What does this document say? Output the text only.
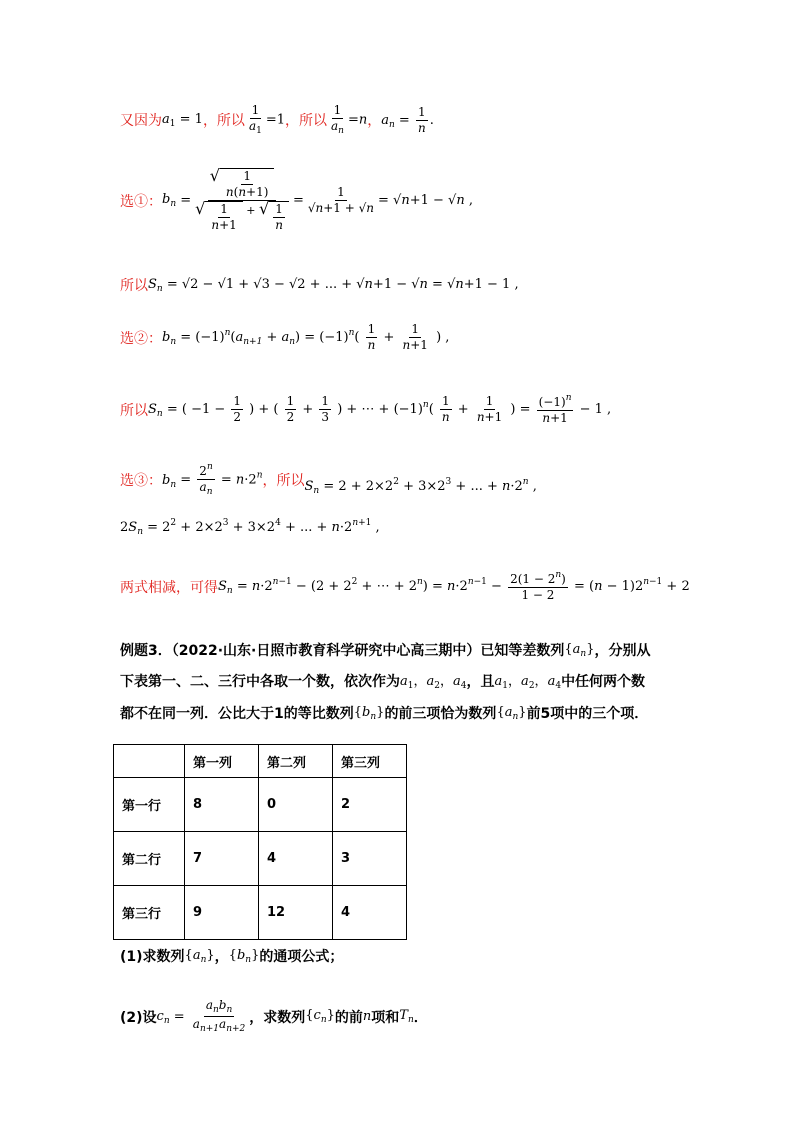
又因为 $a_1 = 1$ ，所以 $\frac{1}{a_1} =1$ ，所以 $\frac{1}{a_n} =n$ ， $a_n = \frac{1}{n}$ .
选①： $b_n = \frac{√ \frac{1}{n(n+1)}}{√ \frac{1}{n+1} + √ \frac{1}{n}} = \frac{1}{√n+1 + √n}$ = √ n +1 − √ n ,
所以 $S_n = √2 - √1 + √3 - √2$ + ... + √n+1 − √n = √n+1 − 1 ,
选②： $b_n = (-1)^n(a_{n+1} + a_n) = (-1)^n( \frac{1}{n} + \frac{1}{n+1}$ ) ,
所以 $S_n$ = ( $-1 - \frac{1}{2}$ ) + ( $\frac{1}{2} + \frac{1}{3}$ ) + ⋯ + $(-1)^n( \frac{1}{n} + \frac{1}{n+1}$ ) = $\frac{(-1)^n}{n+1} - 1$ ,
选③： $b_n = \frac{2^n}{a_n} = n\cdot 2^n$ ，所以 $S_n = 2 + 2\times 2^2 + 3\times 2^3$ + ... + $n\cdot 2^n$ ,
$2S_n = 2^2 + 2\times 2^3 + 3\times 2^4$ + ... + $n\cdot 2^{n+1}$ ,
两式相减，可得 $S_n = n\cdot 2^{n-1} - (2 + 2^2$ + ⋯ + $2^n) = n\cdot 2^{n-1} - \frac{2(1 - 2^n)}{1 - 2} = (n - 1)2^{n-1} + 2$
例题3．（2022·山东·日照市教育科学研究中心高三期中）已知等差数列 $\{a_n\}$ ，分别从
下表第一、二、三行中各取一个数，依次作为 $a_1$，$a_2$，$a_4$ ，且 $a_1$，$a_2$，$a_4$ 中任何两个数
都不在同一列．公比大于1的等比数列 $\{b_n\}$ 的前三项恰为数列 $\{a_n\}$ 前5项中的三个项．
	第一列	第二列	第三列
第一行	8	0	2
第二行	7	4	3
第三行	9	12	4
(1)求数列 $\{a_n\}$ ， $\{b_n\}$ 的通项公式；
(2)设 $c_n = \frac{a_nb_n}{a_{n+1}a_{n+2}}$ ，求数列 $\{c_n\}$ 的前 n 项和 $T_n$ ．
